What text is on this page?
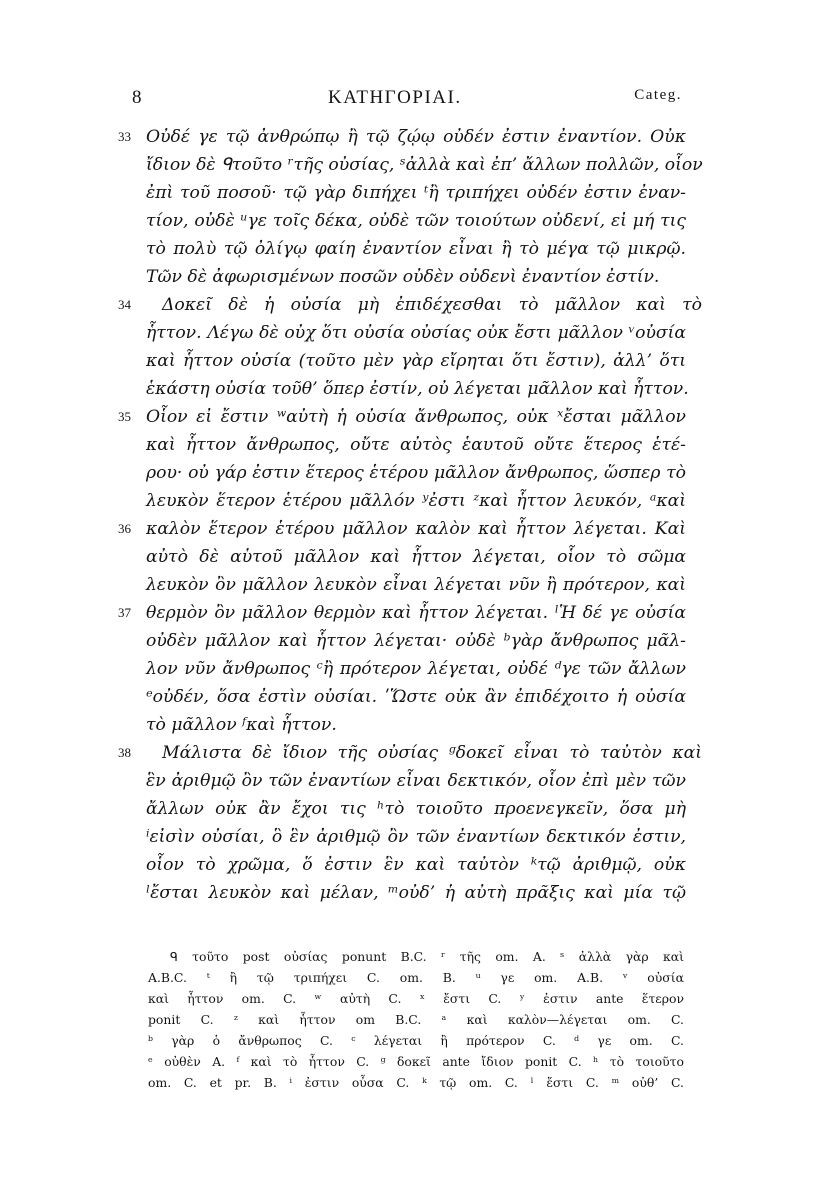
8	ΚΑΤΗΓΟΡΙΑΙ.	Categ.
33 Οὐδέ γε τῷ ἀνθρώπῳ ἢ τῷ ζῴῳ οὐδέν ἐστιν ἐναντίον. Οὐκ
ἴδιον δὲ ᑫτοῦτο ʳτῆς οὐσίας, ˢἀλλὰ καὶ ἐπ’ ἄλλων πολλῶν, οἷον
ἐπὶ τοῦ ποσοῦ· τῷ γὰρ διπήχει ᵗἢ τριπήχει οὐδέν ἐστιν ἐναν-
τίον, οὐδὲ ᵘγε τοῖς δέκα, οὐδὲ τῶν τοιούτων οὐδενί, εἰ μή τις
τὸ πολὺ τῷ ὀλίγῳ φαίη ἐναντίον εἶναι ἢ τὸ μέγα τῷ μικρῷ.
Τῶν δὲ ἀφωρισμένων ποσῶν οὐδὲν οὐδενὶ ἐναντίον ἐστίν.
34	Δοκεῖ δὲ ἡ οὐσία μὴ ἐπιδέχεσθαι τὸ μᾶλλον καὶ τὸ
ἧττον. Λέγω δὲ οὐχ ὅτι οὐσία οὐσίας οὐκ ἔστι μᾶλλον ᵛοὐσία
καὶ ἧττον οὐσία (τοῦτο μὲν γὰρ εἴρηται ὅτι ἔστιν), ἀλλ’ ὅτι
ἑκάστη οὐσία τοῦθ’ ὅπερ ἐστίν, οὐ λέγεται μᾶλλον καὶ ἧττον.
35 Οἷον εἰ ἔστιν ʷαὐτὴ ἡ οὐσία ἄνθρωπος, οὐκ ˣἔσται μᾶλλον
καὶ ἧττον ἄνθρωπος, οὔτε αὐτὸς ἑαυτοῦ οὔτε ἕτερος ἑτέ-
ρου· οὐ γάρ ἐστιν ἕτερος ἑτέρου μᾶλλον ἄνθρωπος, ὥσπερ τὸ
λευκὸν ἕτερον ἑτέρου μᾶλλόν ʸἐστι ᶻκαὶ ἧττον λευκόν, ᵃκαὶ
36 καλὸν ἕτερον ἑτέρου μᾶλλον καλὸν καὶ ἧττον λέγεται. Καὶ
αὐτὸ δὲ αὑτοῦ μᾶλλον καὶ ἧττον λέγεται, οἷον τὸ σῶμα
λευκὸν ὂν μᾶλλον λευκὸν εἶναι λέγεται νῦν ἢ πρότερον, καὶ
37 θερμὸν ὂν μᾶλλον θερμὸν καὶ ἧττον λέγεται. ˡἩ δέ γε οὐσία
οὐδὲν μᾶλλον καὶ ἧττον λέγεται· οὐδὲ ᵇγὰρ ἄνθρωπος μᾶλ-
λον νῦν ἄνθρωπος ᶜἢ πρότερον λέγεται, οὐδέ ᵈγε τῶν ἄλλων
ᵉοὐδέν, ὅσα ἐστὶν οὐσίαι. ʹὭστε οὐκ ἂν ἐπιδέχοιτο ἡ οὐσία
τὸ μᾶλλον ᶠκαὶ ἧττον.
38	Μάλιστα δὲ ἴδιον τῆς οὐσίας ᵍδοκεῖ εἶναι τὸ ταὐτὸν καὶ
ἓν ἀριθμῷ ὂν τῶν ἐναντίων εἶναι δεκτικόν, οἷον ἐπὶ μὲν τῶν
ἄλλων οὐκ ἂν ἔχοι τις ʰτὸ τοιοῦτο προενεγκεῖν, ὅσα μὴ
ⁱεἰσὶν οὐσίαι, ὃ ἓν ἀριθμῷ ὂν τῶν ἐναντίων δεκτικόν ἐστιν,
οἷον τὸ χρῶμα, ὅ ἐστιν ἓν καὶ ταὐτὸν ᵏτῷ ἀριθμῷ, οὐκ
ˡἔσται λευκὸν καὶ μέλαν, ᵐοὐδ’ ἡ αὐτὴ πρᾶξις καὶ μία τῷ
ᑫ τοῦτο post οὐσίας ponunt B.C. ʳ τῆς om. A. ˢ ἀλλὰ γὰρ καὶ
A.B.C. ᵗ ἢ τῷ τριπήχει C. om. B. ᵘ γε om. A.B. ᵛ οὐσία
καὶ ἧττον om. C. ʷ αὐτὴ C. ˣ ἔστι C. ʸ ἐστιν ante ἕτερον
ponit C. ᶻ καὶ ἧττον om B.C. ᵃ καὶ καλὸν—λέγεται om. C.
ᵇ γὰρ ὁ ἄνθρωπος C. ᶜ λέγεται ἢ πρότερον C. ᵈ γε om. C.
ᵉ οὐθὲν A. ᶠ καὶ τὸ ἧττον C. ᵍ δοκεῖ ante ἴδιον ponit C. ʰ τὸ τοιοῦτο
om. C. et pr. B. ⁱ ἐστιν οὖσα C. ᵏ τῷ om. C. ˡ ἔστι C. ᵐ οὐθ’ C.
